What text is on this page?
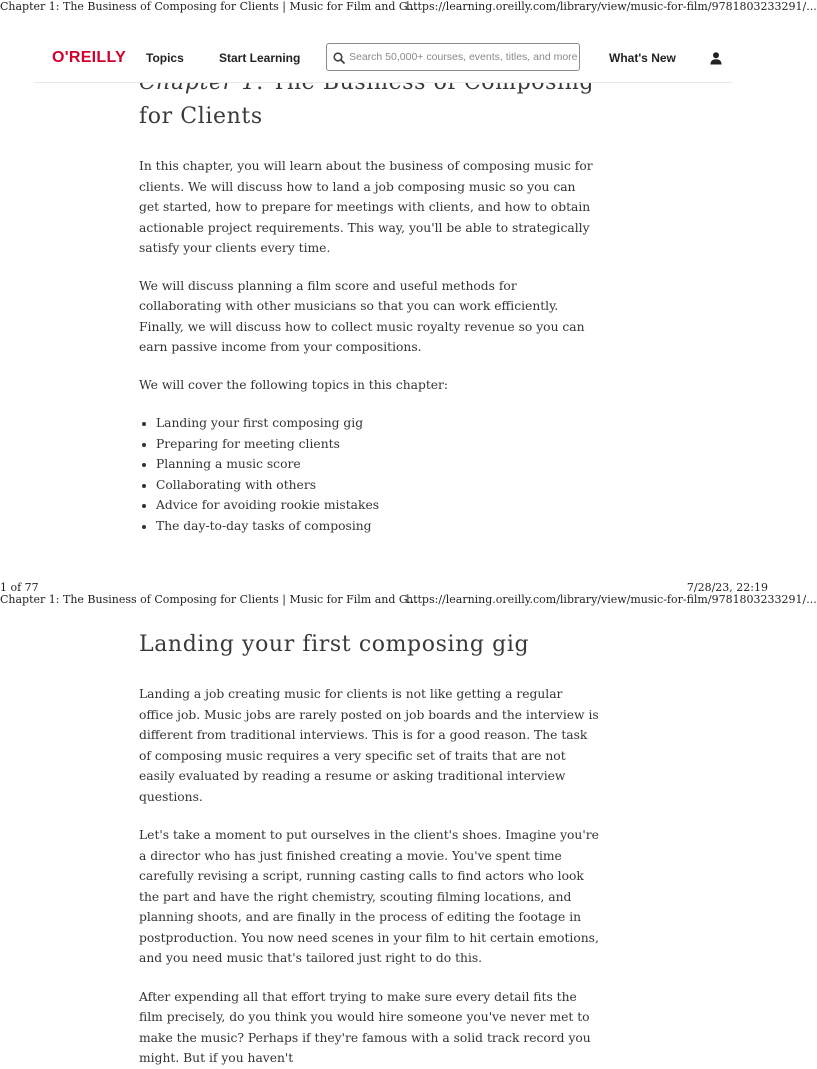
Chapter 1: The Business of Composing for Clients | Music for Film and G...
https://learning.oreilly.com/library/view/music-for-film/9781803233291/...
for Clients
O'REILLY Topics	Start Learning
Search 50,000+ courses, events, titles, and more	What's New

In this chapter, you will learn about the business of composing music for clients. We will discuss how to land a job composing music so you can get started, how to prepare for meetings with clients, and how to obtain actionable project requirements. This way, you'll be able to strategically satisfy your clients every time.

We will discuss planning a film score and useful methods for collaborating with other musicians so that you can work efficiently. Finally, we will discuss how to collect music royalty revenue so you can earn passive income from your compositions.

We will cover the following topics in this chapter:

• Landing your first composing gig
• Preparing for meeting clients
• Planning a music score
• Collaborating with others
• Advice for avoiding rookie mistakes
• The day-to-day tasks of composing
1 of 77	7/28/23, 22:19
Chapter 1: The Business of Composing for Clients | Music for Film and G...
https://learning.oreilly.com/library/view/music-for-film/9781803233291/...
Landing your first composing gig

Landing a job creating music for clients is not like getting a regular office job. Music jobs are rarely posted on job boards and the interview is different from traditional interviews. This is for a good reason. The task of composing music requires a very specific set of traits that are not easily evaluated by reading a resume or asking traditional interview questions.

Let's take a moment to put ourselves in the client's shoes. Imagine you're a director who has just finished creating a movie. You've spent time carefully revising a script, running casting calls to find actors who look the part and have the right chemistry, scouting filming locations, and planning shoots, and are finally in the process of editing the footage in postproduction. You now need scenes in your film to hit certain emotions, and you need music that's tailored just right to do this.

After expending all that effort trying to make sure every detail fits the film precisely, do you think you would hire someone you've never met to make the music? Perhaps if they're famous with a solid track record you might. But if you haven't
